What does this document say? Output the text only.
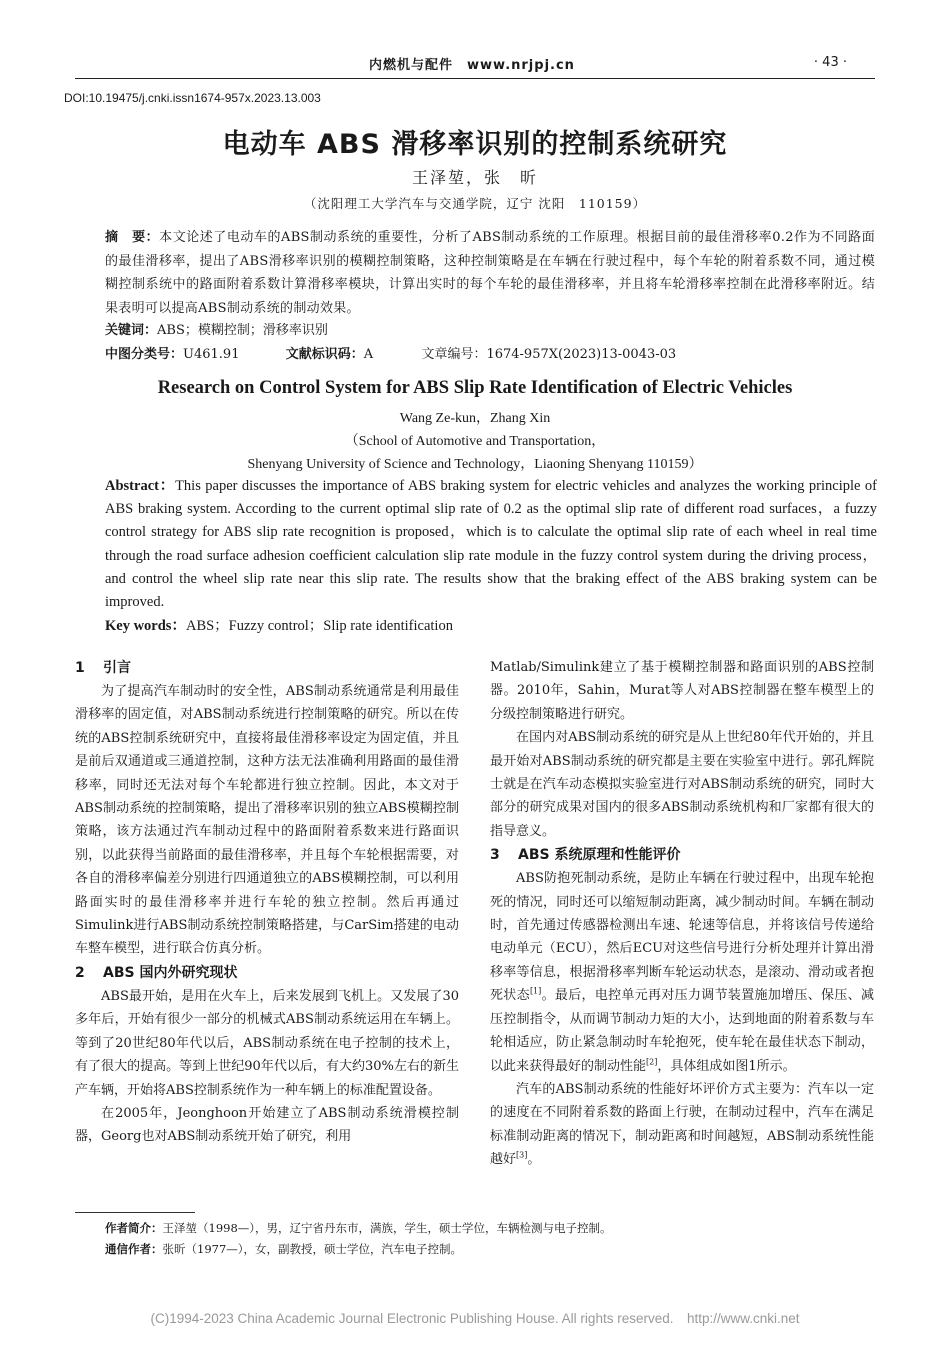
内燃机与配件　www.nrjpj.cn	· 43 ·
DOI:10.19475/j.cnki.issn1674-957x.2023.13.003
电动车 ABS 滑移率识别的控制系统研究
王泽堃，张　昕
（沈阳理工大学汽车与交通学院，辽宁 沈阳　110159）
摘　要：本文论述了电动车的ABS制动系统的重要性，分析了ABS制动系统的工作原理。根据目前的最佳滑移率0.2作为不同路面的最佳滑移率，提出了ABS滑移率识别的模糊控制策略，这种控制策略是在车辆在行驶过程中，每个车轮的附着系数不同，通过模糊控制系统中的路面附着系数计算滑移率模块，计算出实时的每个车轮的最佳滑移率，并且将车轮滑移率控制在此滑移率附近。结果表明可以提高ABS制动系统的制动效果。
关键词：ABS；模糊控制；滑移率识别
中图分类号：U461.91	文献标识码：A	文章编号：1674-957X(2023)13-0043-03
Research on Control System for ABS Slip Rate Identification of Electric Vehicles
Wang Ze-kun，Zhang Xin
（School of Automotive and Transportation，
Shenyang University of Science and Technology，Liaoning Shenyang 110159）
Abstract：This paper discusses the importance of ABS braking system for electric vehicles and analyzes the working principle of ABS braking system. According to the current optimal slip rate of 0.2 as the optimal slip rate of different road surfaces，a fuzzy control strategy for ABS slip rate recognition is proposed，which is to calculate the optimal slip rate of each wheel in real time through the road surface adhesion coefficient calculation slip rate module in the fuzzy control system during the driving process，and control the wheel slip rate near this slip rate. The results show that the braking effect of the ABS braking system can be improved.
Key words：ABS；Fuzzy control；Slip rate identification
1 引言

为了提高汽车制动时的安全性，ABS制动系统通常是利用最佳滑移率的固定值，对ABS制动系统进行控制策略的研究。所以在传统的ABS控制系统研究中，直接将最佳滑移率设定为固定值，并且是前后双通道或三通道控制，这种方法无法准确利用路面的最佳滑移率，同时还无法对每个车轮都进行独立控制。因此，本文对于ABS制动系统的控制策略，提出了滑移率识别的独立ABS模糊控制策略，该方法通过汽车制动过程中的路面附着系数来进行路面识别，以此获得当前路面的最佳滑移率，并且每个车轮根据需要，对各自的滑移率偏差分别进行四通道独立的ABS模糊控制，可以利用路面实时的最佳滑移率并进行车轮的独立控制。然后再通过Simulink进行ABS制动系统控制策略搭建，与CarSim搭建的电动车整车模型，进行联合仿真分析。

2 ABS 国内外研究现状

ABS最开始，是用在火车上，后来发展到飞机上。又发展了30多年后，开始有很少一部分的机械式ABS制动系统运用在车辆上。等到了20世纪80年代以后，ABS制动系统在电子控制的技术上，有了很大的提高。等到上世纪90年代以后，有大约30%左右的新生产车辆，开始将ABS控制系统作为一种车辆上的标准配置设备。

在2005年，Jeonghoon开始建立了ABS制动系统滑模控制器，Georg也对ABS制动系统开始了研究，利用

Matlab/Simulink建立了基于模糊控制器和路面识别的ABS控制器。2010年，Sahin，Murat等人对ABS控制器在整车模型上的分级控制策略进行研究。

在国内对ABS制动系统的研究是从上世纪80年代开始的，并且最开始对ABS制动系统的研究都是主要在实验室中进行。郭孔辉院士就是在汽车动态模拟实验室进行对ABS制动系统的研究，同时大部分的研究成果对国内的很多ABS制动系统机构和厂家都有很大的指导意义。

3 ABS 系统原理和性能评价

ABS防抱死制动系统，是防止车辆在行驶过程中，出现车轮抱死的情况，同时还可以缩短制动距离，减少制动时间。车辆在制动时，首先通过传感器检测出车速、轮速等信息，并将该信号传递给电动单元（ECU），然后ECU对这些信号进行分析处理并计算出滑移率等信息，根据滑移率判断车轮运动状态，是滚动、滑动或者抱死状态[1]。最后，电控单元再对压力调节装置施加增压、保压、减压控制指令，从而调节制动力矩的大小，达到地面的附着系数与车轮相适应，防止紧急制动时车轮抱死，使车轮在最佳状态下制动，以此来获得最好的制动性能[2]，具体组成如图1所示。

汽车的ABS制动系统的性能好坏评价方式主要为：汽车以一定的速度在不同附着系数的路面上行驶，在制动过程中，汽车在满足标准制动距离的情况下，制动距离和时间越短，ABS制动系统性能越好[3]。

作者简介：王泽堃（1998—），男，辽宁省丹东市，满族，学生，硕士学位，车辆检测与电子控制。
通信作者：张昕（1977—），女，副教授，硕士学位，汽车电子控制。
(C)1994-2023 China Academic Journal Electronic Publishing House. All rights reserved.　http://www.cnki.net
